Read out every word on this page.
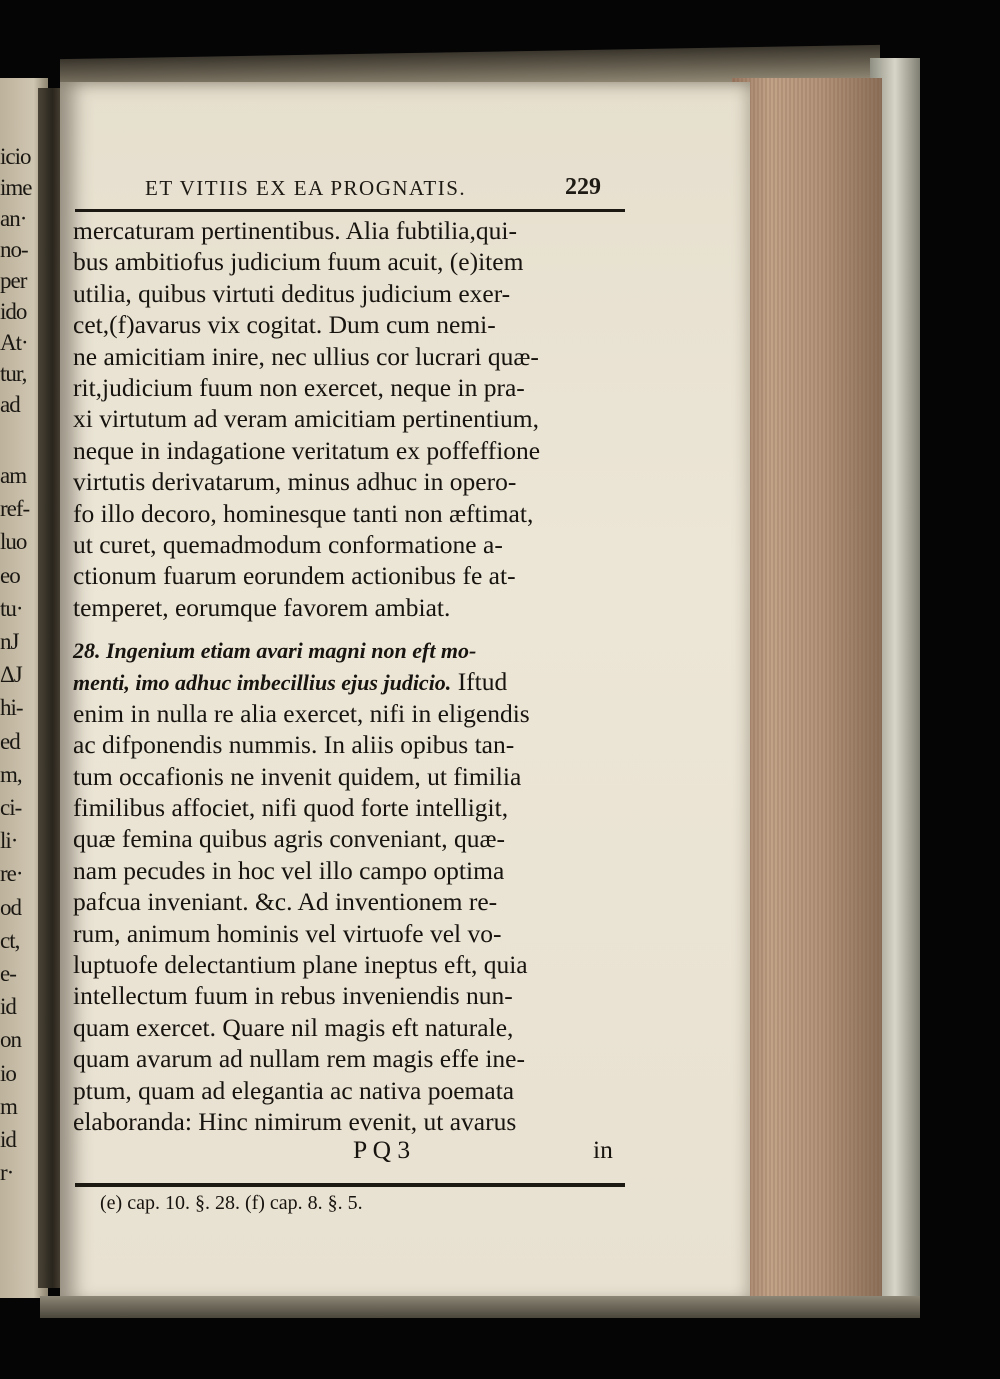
icio
ime
an·
no-
per
ido
At·
tur,
ad
am
ref-
luo
eo
tu·
nJ
ΔJ
hi-
ed
m,
ci-
li·
re·
od
ct,
e-
id
on
io
m
id
r·
ET VITIIS EX EA PROGNATIS.	229
mercaturam pertinentibus. Alia fubtilia,qui-
bus ambitiofus judicium fuum acuit, (e)item
utilia, quibus virtuti deditus judicium exer-
cet,(f)avarus vix cogitat. Dum cum nemi-
ne amicitiam inire, nec ullius cor lucrari quæ-
rit,judicium fuum non exercet, neque in pra-
xi virtutum ad veram amicitiam pertinentium,
neque in indagatione veritatum ex poffeffione
virtutis derivatarum, minus adhuc in opero-
fo illo decoro, hominesque tanti non æftimat,
ut curet, quemadmodum conformatione a-
ctionum fuarum eorundem actionibus fe at-
temperet, eorumque favorem ambiat.
28. Ingenium etiam avari magni non eft mo-
menti, imo adhuc imbecillius ejus judicio. Iftud
enim in nulla re alia exercet, nifi in eligendis
ac difponendis nummis. In aliis opibus tan-
tum occafionis ne invenit quidem, ut fimilia
fimilibus affociet, nifi quod forte intelligit,
quæ femina quibus agris conveniant, quæ-
nam pecudes in hoc vel illo campo optima
pafcua inveniant. &c. Ad inventionem re-
rum, animum hominis vel virtuofe vel vo-
luptuofe delectantium plane ineptus eft, quia
intellectum fuum in rebus inveniendis nun-
quam exercet. Quare nil magis eft naturale,
quam avarum ad nullam rem magis effe ine-
ptum, quam ad elegantia ac nativa poemata
elaboranda: Hinc nimirum evenit, ut avarus
P Q 3	in
(e) cap. 10. §. 28. (f) cap. 8. §. 5.
